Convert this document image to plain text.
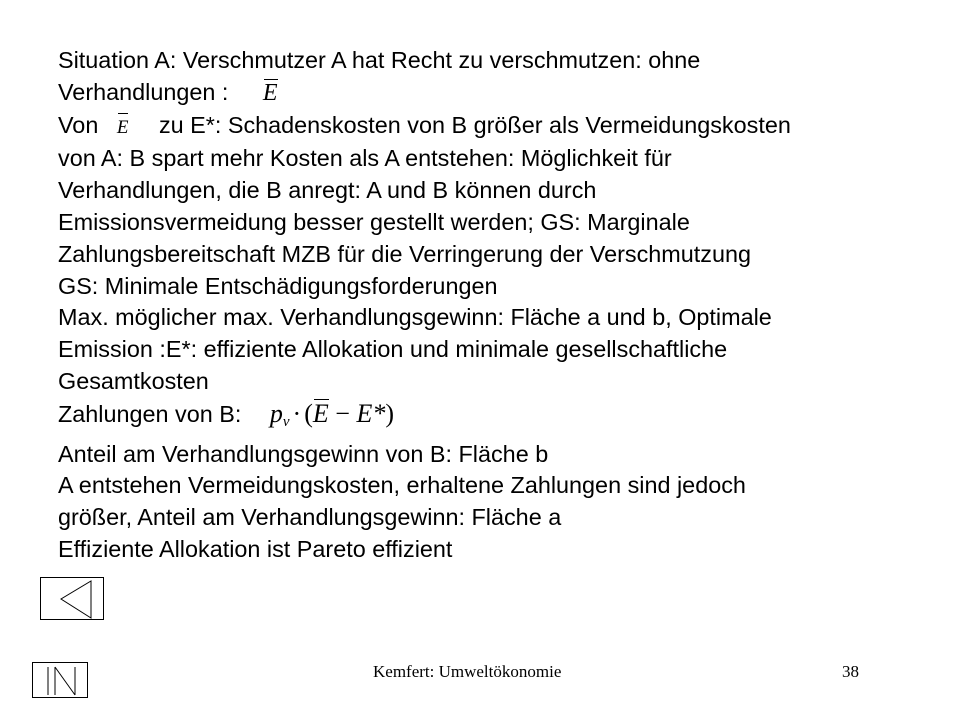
Situation A: Verschmutzer A hat Recht zu verschmutzen: ohne
Verhandlungen : E
Von E zu E*: Schadenskosten von B größer als Vermeidungskosten
von A: B spart mehr Kosten als A entstehen: Möglichkeit für
Verhandlungen, die B anregt: A und B können durch
Emissionsvermeidung besser gestellt werden; GS: Marginale
Zahlungsbereitschaft MZB für die Verringerung der Verschmutzung
GS: Minimale Entschädigungsforderungen
Max. möglicher max. Verhandlungsgewinn: Fläche a und b, Optimale
Emission :E*: effiziente Allokation und minimale gesellschaftliche
Gesamtkosten
Zahlungen von B: $p_v \cdot (E - E*)$
Anteil am Verhandlungsgewinn von B: Fläche b
A entstehen Vermeidungskosten, erhaltene Zahlungen sind jedoch
größer, Anteil am Verhandlungsgewinn: Fläche a
Effiziente Allokation ist Pareto effizient
Kemfert: Umweltökonomie	38
